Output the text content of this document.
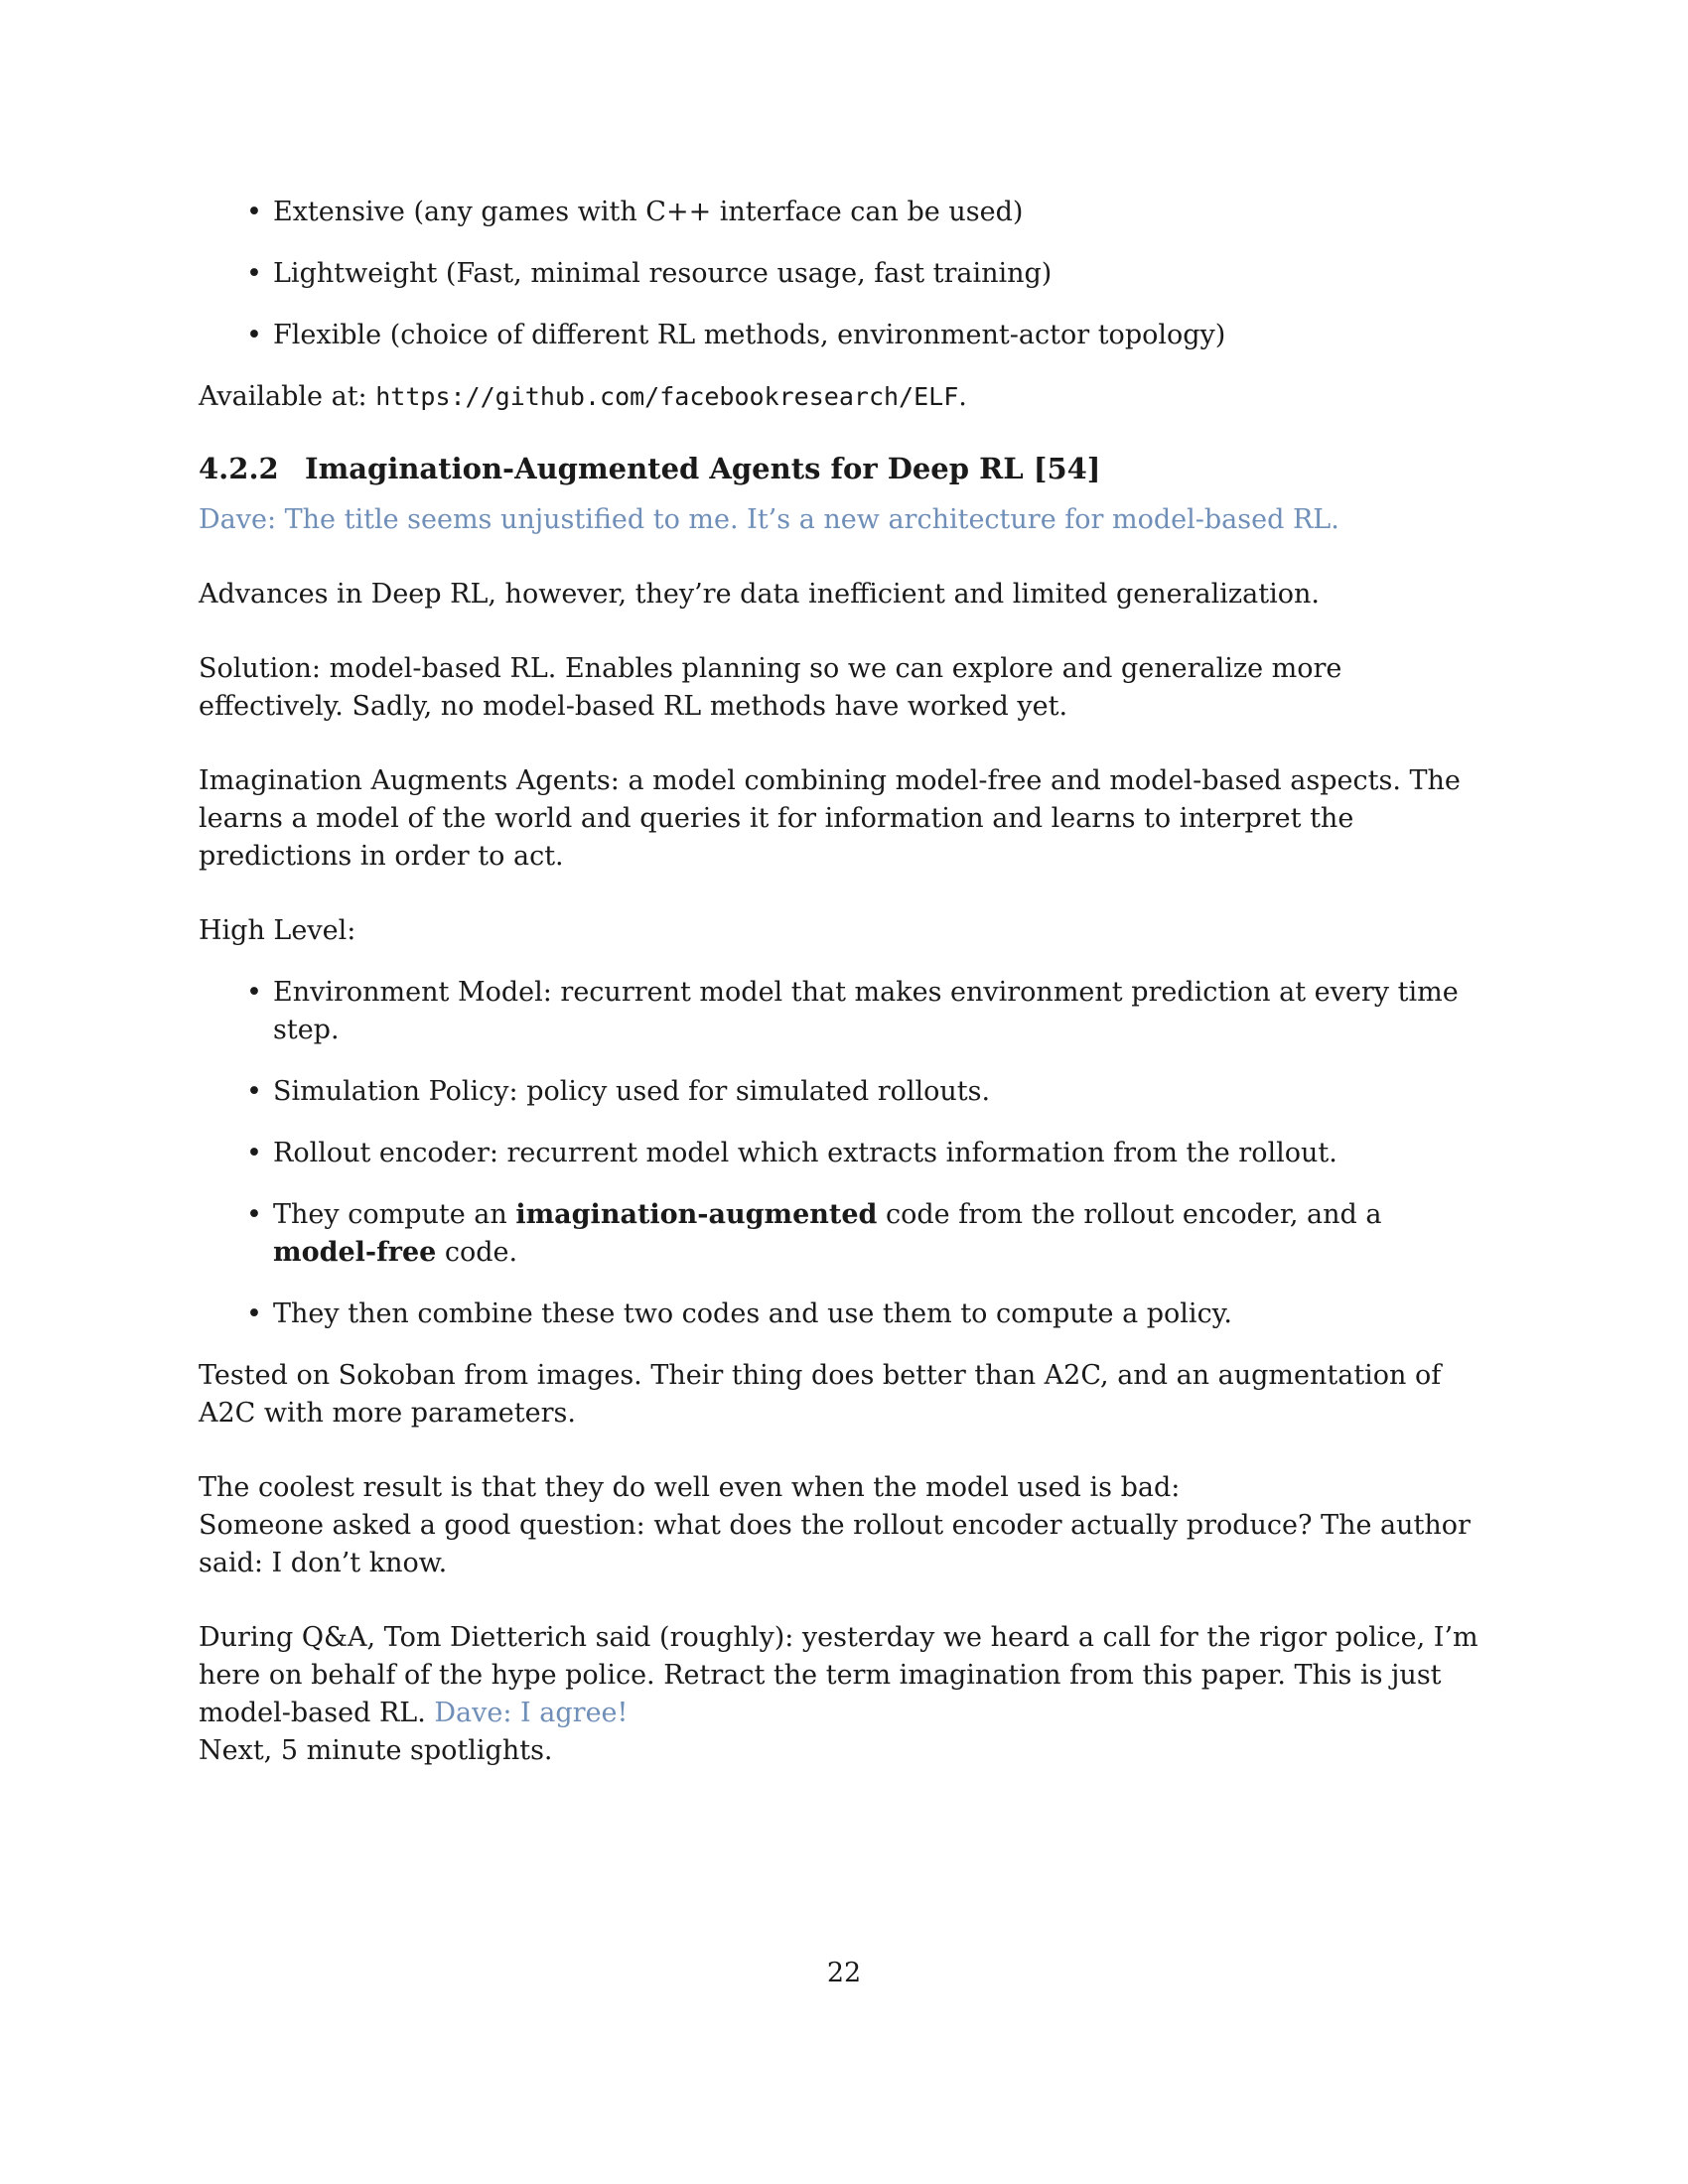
• Extensive (any games with C++ interface can be used)
• Lightweight (Fast, minimal resource usage, fast training)
• Flexible (choice of different RL methods, environment-actor topology)

Available at: https://github.com/facebookresearch/ELF.

4.2.2 Imagination-Augmented Agents for Deep RL [54]

Dave: The title seems unjustified to me. It’s a new architecture for model-based RL.

Advances in Deep RL, however, they’re data inefficient and limited generalization.

Solution: model-based RL. Enables planning so we can explore and generalize more effectively. Sadly, no model-based RL methods have worked yet.

Imagination Augments Agents: a model combining model-free and model-based aspects. The learns a model of the world and queries it for information and learns to interpret the predictions in order to act.

High Level:

• Environment Model: recurrent model that makes environment prediction at every time step.
• Simulation Policy: policy used for simulated rollouts.
• Rollout encoder: recurrent model which extracts information from the rollout.
• They compute an imagination-augmented code from the rollout encoder, and a model-free code.
• They then combine these two codes and use them to compute a policy.

Tested on Sokoban from images. Their thing does better than A2C, and an augmentation of A2C with more parameters.

The coolest result is that they do well even when the model used is bad:

Someone asked a good question: what does the rollout encoder actually produce? The author said: I don’t know.

During Q&A, Tom Dietterich said (roughly): yesterday we heard a call for the rigor police, I’m here on behalf of the hype police. Retract the term imagination from this paper. This is just model-based RL. Dave: I agree!

Next, 5 minute spotlights.

22
